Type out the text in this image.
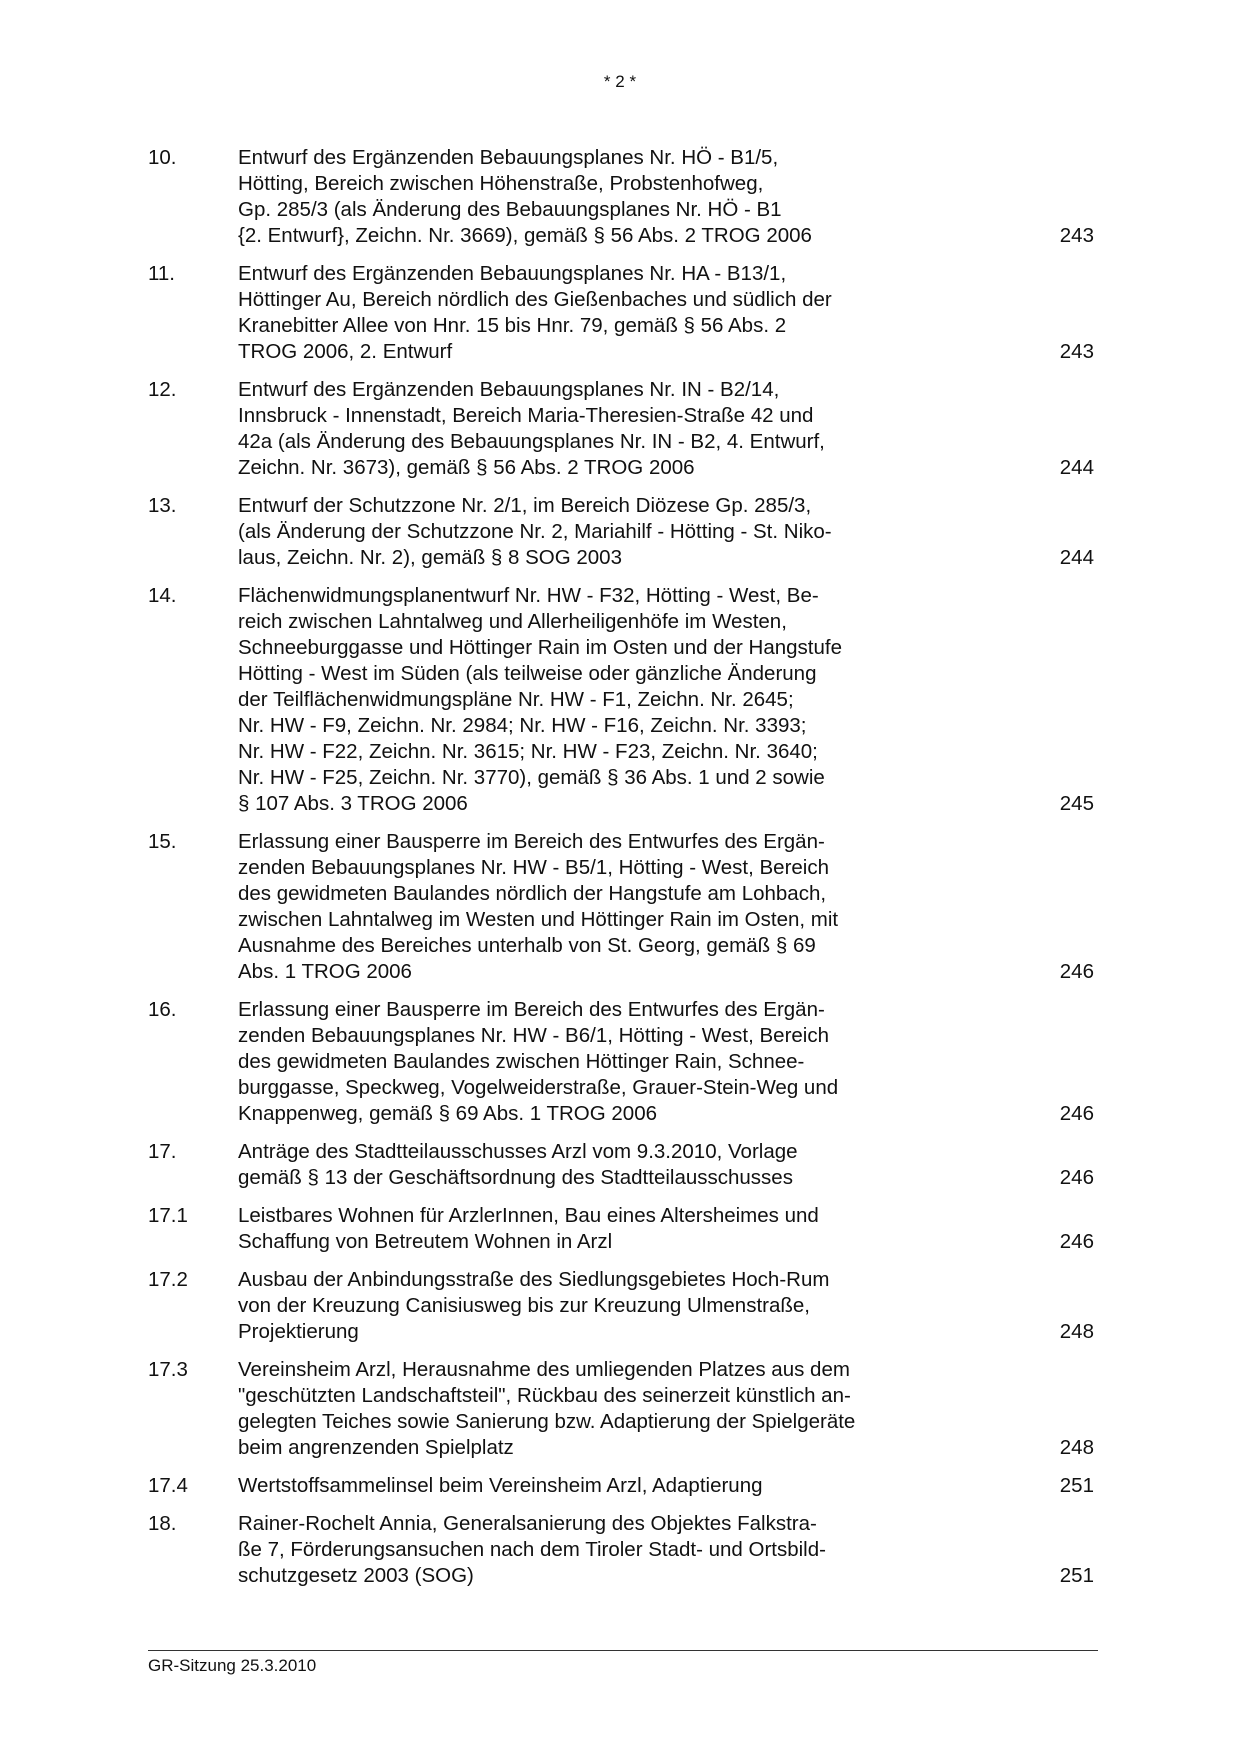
* 2 *
10.	Entwurf des Ergänzenden Bebauungsplanes Nr. HÖ - B1/5,
Hötting, Bereich zwischen Höhenstraße, Probstenhofweg,
Gp. 285/3 (als Änderung des Bebauungsplanes Nr. HÖ - B1
{2. Entwurf}, Zeichn. Nr. 3669), gemäß § 56 Abs. 2 TROG 2006	243
11.	Entwurf des Ergänzenden Bebauungsplanes Nr. HA - B13/1,
Höttinger Au, Bereich nördlich des Gießenbaches und südlich der
Kranebitter Allee von Hnr. 15 bis Hnr. 79, gemäß § 56 Abs. 2
TROG 2006, 2. Entwurf	243
12.	Entwurf des Ergänzenden Bebauungsplanes Nr. IN - B2/14,
Innsbruck - Innenstadt, Bereich Maria-Theresien-Straße 42 und
42a (als Änderung des Bebauungsplanes Nr. IN - B2, 4. Entwurf,
Zeichn. Nr. 3673), gemäß § 56 Abs. 2 TROG 2006	244
13.	Entwurf der Schutzzone Nr. 2/1, im Bereich Diözese Gp. 285/3,
(als Änderung der Schutzzone Nr. 2, Mariahilf - Hötting - St. Niko-
laus, Zeichn. Nr. 2), gemäß § 8 SOG 2003	244
14.	Flächenwidmungsplanentwurf Nr. HW - F32, Hötting - West, Be-
reich zwischen Lahntalweg und Allerheiligenhöfe im Westen,
Schneeburggasse und Höttinger Rain im Osten und der Hangstufe
Hötting - West im Süden (als teilweise oder gänzliche Änderung
der Teilflächenwidmungspläne Nr. HW - F1, Zeichn. Nr. 2645;
Nr. HW - F9, Zeichn. Nr. 2984; Nr. HW - F16, Zeichn. Nr. 3393;
Nr. HW - F22, Zeichn. Nr. 3615; Nr. HW - F23, Zeichn. Nr. 3640;
Nr. HW - F25, Zeichn. Nr. 3770), gemäß § 36 Abs. 1 und 2 sowie
§ 107 Abs. 3 TROG 2006	245
15.	Erlassung einer Bausperre im Bereich des Entwurfes des Ergän-
zenden Bebauungsplanes Nr. HW - B5/1, Hötting - West, Bereich
des gewidmeten Baulandes nördlich der Hangstufe am Lohbach,
zwischen Lahntalweg im Westen und Höttinger Rain im Osten, mit
Ausnahme des Bereiches unterhalb von St. Georg, gemäß § 69
Abs. 1 TROG 2006	246
16.	Erlassung einer Bausperre im Bereich des Entwurfes des Ergän-
zenden Bebauungsplanes Nr. HW - B6/1, Hötting - West, Bereich
des gewidmeten Baulandes zwischen Höttinger Rain, Schnee-
burggasse, Speckweg, Vogelweiderstraße, Grauer-Stein-Weg und
Knappenweg, gemäß § 69 Abs. 1 TROG 2006	246
17.	Anträge des Stadtteilausschusses Arzl vom 9.3.2010, Vorlage
gemäß § 13 der Geschäftsordnung des Stadtteilausschusses	246
17.1	Leistbares Wohnen für ArzlerInnen, Bau eines Altersheimes und
Schaffung von Betreutem Wohnen in Arzl	246
17.2	Ausbau der Anbindungsstraße des Siedlungsgebietes Hoch-Rum
von der Kreuzung Canisiusweg bis zur Kreuzung Ulmenstraße,
Projektierung	248
17.3	Vereinsheim Arzl, Herausnahme des umliegenden Platzes aus dem
"geschützten Landschaftsteil", Rückbau des seinerzeit künstlich an-
gelegten Teiches sowie Sanierung bzw. Adaptierung der Spielgeräte
beim angrenzenden Spielplatz	248
17.4	Wertstoffsammelinsel beim Vereinsheim Arzl, Adaptierung	251
18.	Rainer-Rochelt Annia, Generalsanierung des Objektes Falkstra-
ße 7, Förderungsansuchen nach dem Tiroler Stadt- und Ortsbild-
schutzgesetz 2003 (SOG)	251
GR-Sitzung 25.3.2010
